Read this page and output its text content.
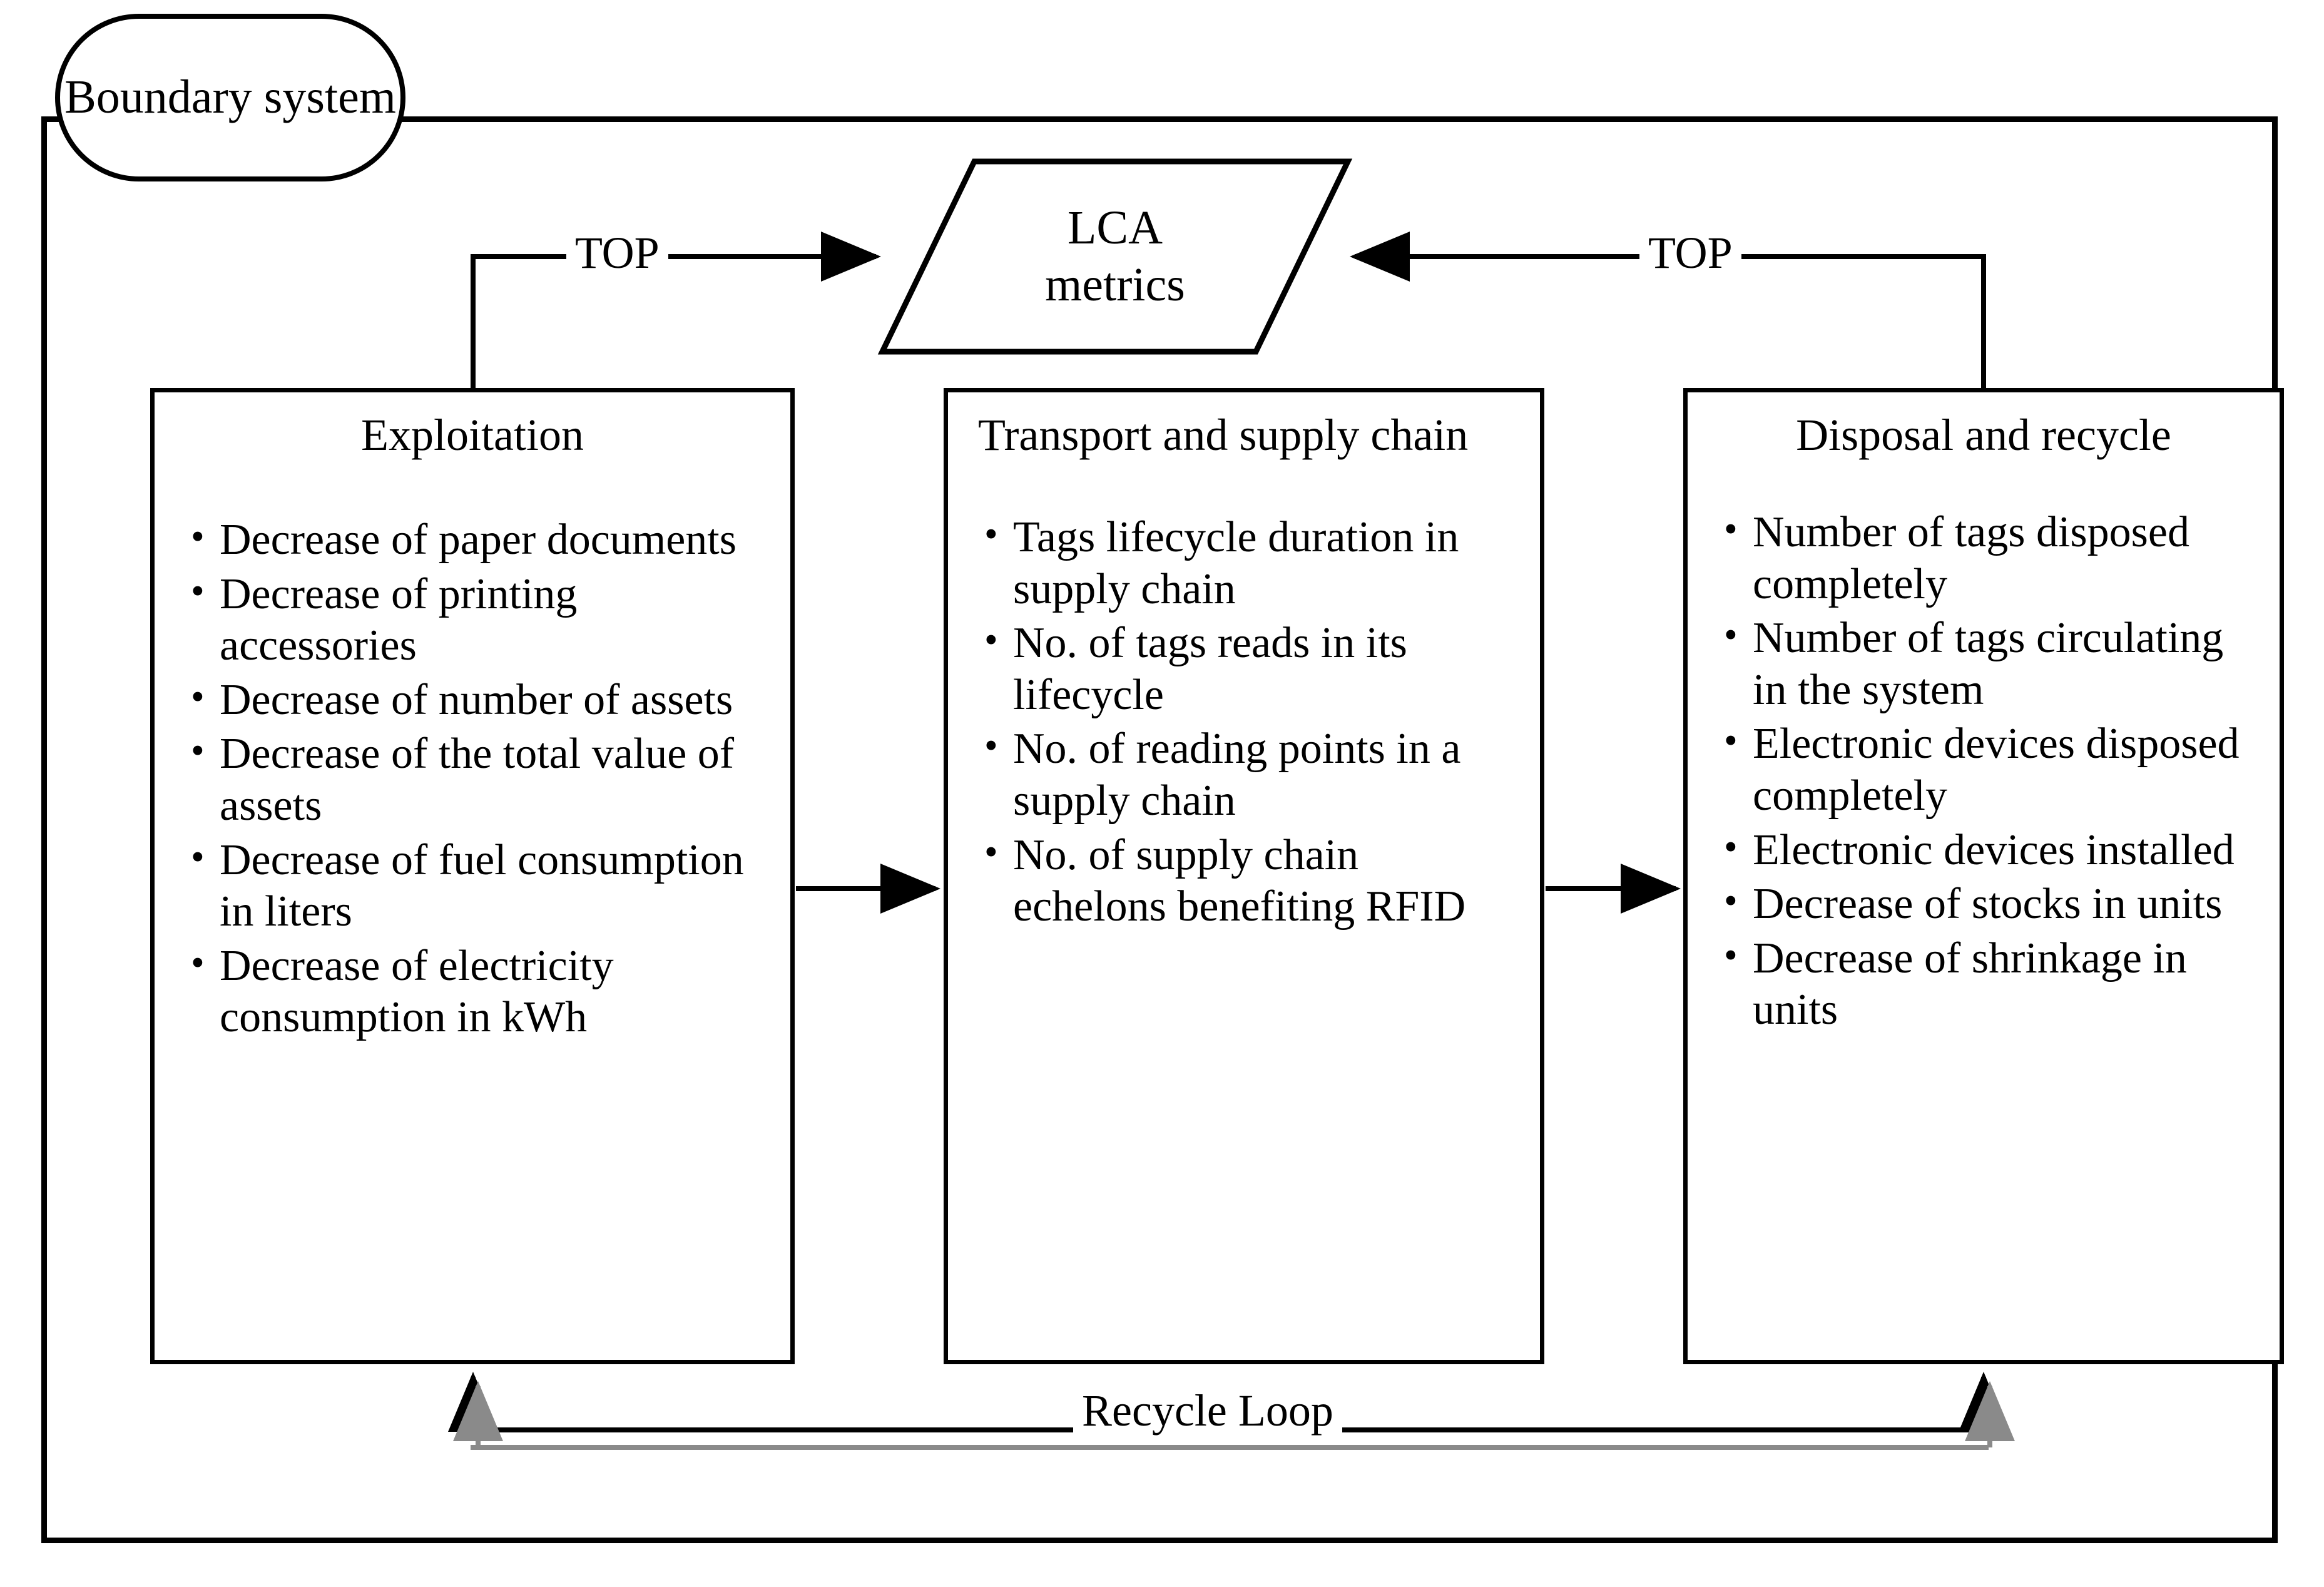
Boundary system
LCA
metrics
TOP	TOP
Recycle Loop
Exploitation
• Decrease of paper documents
• Decrease of printing accessories
• Decrease of number of assets
• Decrease of the total value of assets
• Decrease of fuel consumption in liters
• Decrease of electricity consumption in kWh
Transport and supply chain
• Tags lifecycle duration in supply chain
• No. of tags reads in its lifecycle
• No. of reading points in a supply chain
• No. of supply chain echelons benefiting RFID
Disposal and recycle
• Number of tags disposed completely
• Number of tags circulating in the system
• Electronic devices disposed completely
• Electronic devices installed
• Decrease of stocks in units
• Decrease of shrinkage in units
